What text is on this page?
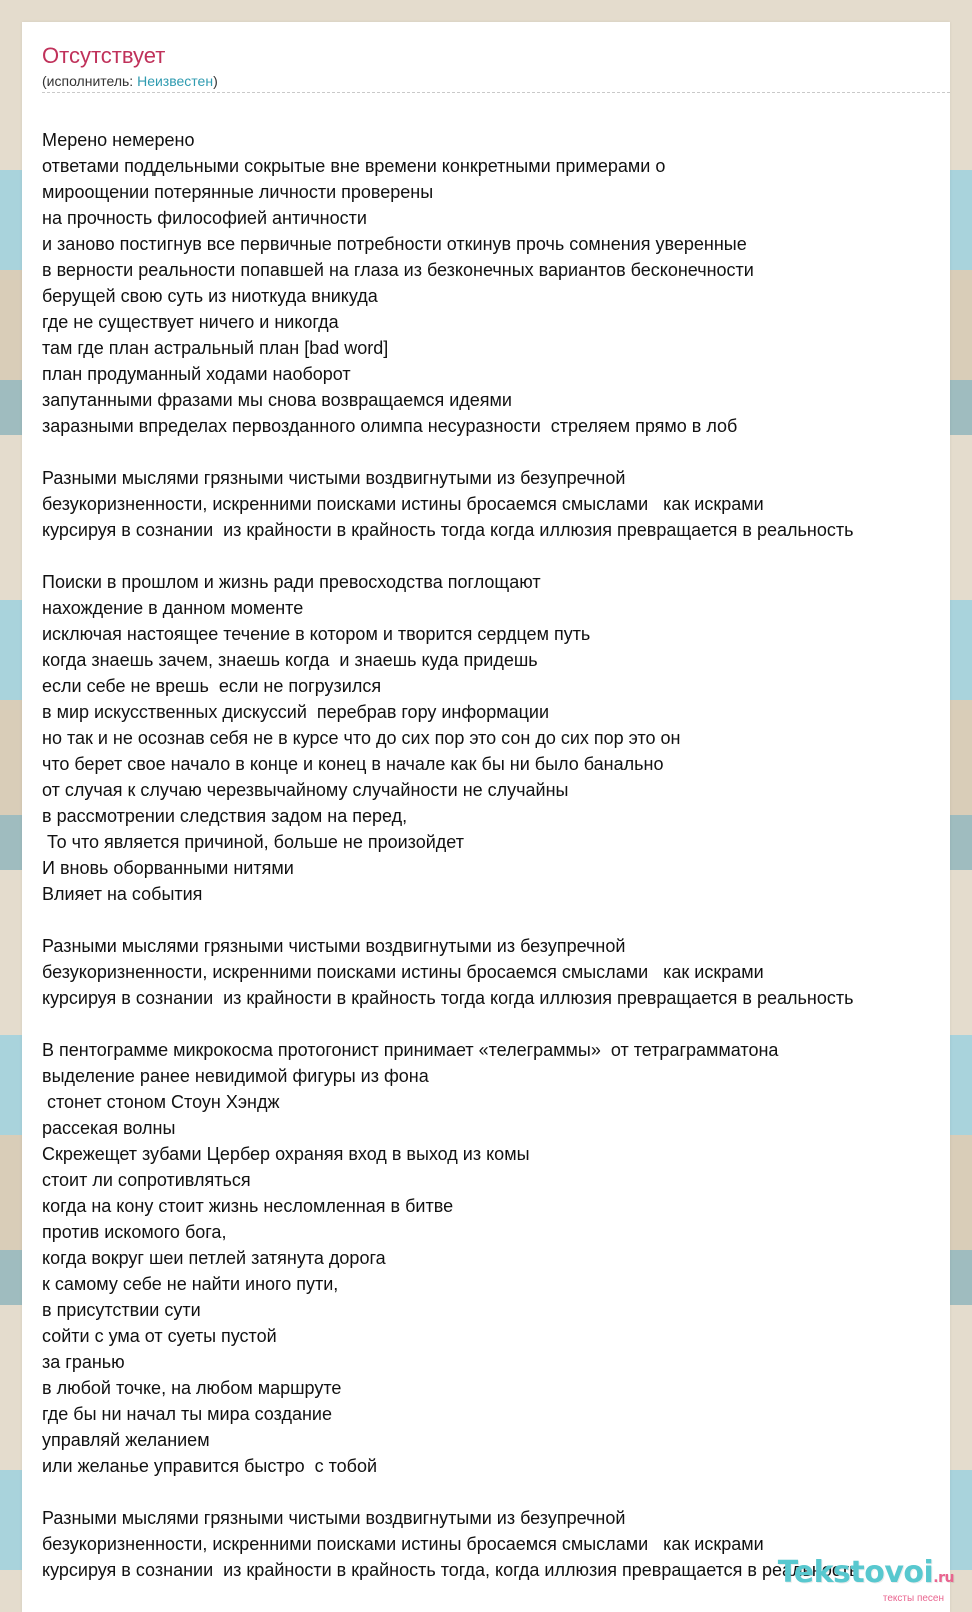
Отсутствует
(исполнитель: Неизвестен)
Мерено немерено
ответами поддельными сокрытые вне времени конкретными примерами о
мироощении потерянные личности проверены
на прочность философией античности
и заново постигнув все первичные потребности откинув прочь сомнения уверенные
в верности реальности попавшей на глаза из безконечных вариантов бесконечности
берущей свою суть из ниоткуда вникуда
где не существует ничего и никогда
там где план астральный план [bad word]
план продуманный ходами наоборот
запутанными фразами мы снова возвращаемся идеями
заразными впределах первозданного олимпа несуразности  стреляем прямо в лоб
Разными мыслями грязными чистыми воздвигнутыми из безупречной
безукоризненности, искренними поисками истины бросаемся смыслами   как искрами
курсируя в сознании  из крайности в крайность тогда когда иллюзия превращается в реальность
Поиски в прошлом и жизнь ради превосходства поглощают
нахождение в данном моменте
исключая настоящее течение в котором и творится сердцем путь
когда знаешь зачем, знаешь когда  и знаешь куда придешь
если себе не врешь  если не погрузился
в мир искусственных дискуссий  перебрав гору информации
но так и не осознав себя не в курсе что до сих пор это сон до сих пор это он
что берет свое начало в конце и конец в начале как бы ни было банально
от случая к случаю черезвычайному случайности не случайны
в рассмотрении следствия задом на перед,
То что является причиной, больше не произойдет
И вновь оборванными нитями
Влияет на события
Разными мыслями грязными чистыми воздвигнутыми из безупречной
безукоризненности, искренними поисками истины бросаемся смыслами   как искрами
курсируя в сознании  из крайности в крайность тогда когда иллюзия превращается в реальность
В пентограмме микрокосма протогонист принимает «телеграммы»  от тетраграмматона
выделение ранее невидимой фигуры из фона
стонет стоном Стоун Хэндж
рассекая волны
Скрежещет зубами Цербер охраняя вход в выход из комы
стоит ли сопротивляться
когда на кону стоит жизнь несломленная в битве
против искомого бога,
когда вокруг шеи петлей затянута дорога
к самому себе не найти иного пути,
в присутствии сути
сойти с ума от суеты пустой
за гранью
в любой точке, на любом маршруте
где бы ни начал ты мира создание
управляй желанием
или желанье управится быстро  с тобой
Разными мыслями грязными чистыми воздвигнутыми из безупречной
безукоризненности, искренними поисками истины бросаемся смыслами   как искрами
курсируя в сознании  из крайности в крайность тогда, когда иллюзия превращается в реальность
Tekstovoi.ru
тексты песен
